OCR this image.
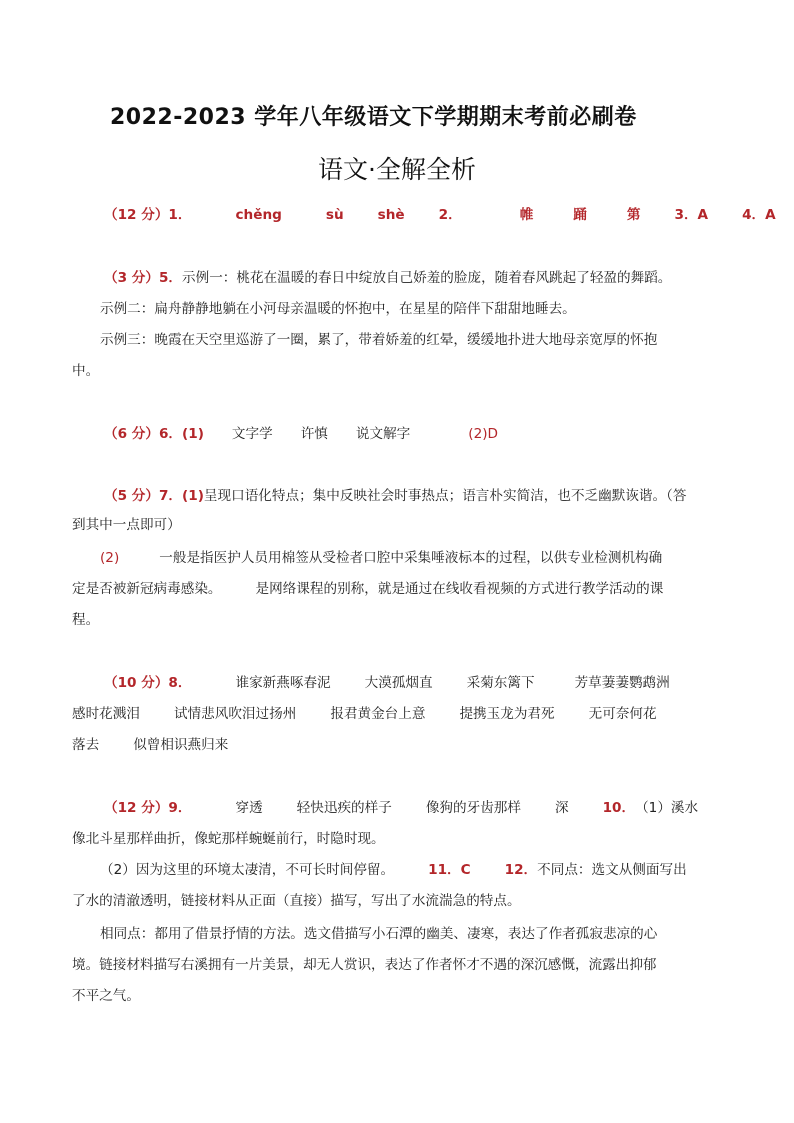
2022-2023 学年八年级语文下学期期末考前必刷卷
语文·全解全析
（12 分）1．	chěng	sù	shè	2．	帷	踊	第	3．A	4．A
（3 分）5．示例一：桃花在温暖的春日中绽放自己娇羞的脸庞，随着春风跳起了轻盈的舞蹈。
示例二：扁舟静静地躺在小河母亲温暖的怀抱中，在星星的陪伴下甜甜地睡去。
示例三：晚霞在天空里巡游了一圈，累了，带着娇羞的红晕，缓缓地扑进大地母亲宽厚的怀抱
中。
（6 分）6．(1) 文字学 许慎 说文解字	(2)D
（5 分）7．(1)呈现口语化特点；集中反映社会时事热点；语言朴实简洁，也不乏幽默诙谐。（答
到其中一点即可）
(2)	一般是指医护人员用棉签从受检者口腔中采集唾液标本的过程，以供专业检测机构确
定是否被新冠病毒感染。	是网络课程的别称，就是通过在线收看视频的方式进行教学活动的课
程。
（10 分）8．	谁家新燕啄春泥	大漠孤烟直	采菊东篱下	芳草萋萋鹦鹉洲
感时花溅泪	试情悲风吹泪过扬州	报君黄金台上意	提携玉龙为君死	无可奈何花
落去	似曾相识燕归来
（12 分）9．	穿透	轻快迅疾的样子	像狗的牙齿那样	深	10．（1）溪水
像北斗星那样曲折，像蛇那样蜿蜒前行，时隐时现。
（2）因为这里的环境太凄清，不可长时间停留。	11．C	12．不同点：选文从侧面写出
了水的清澈透明，链接材料从正面（直接）描写，写出了水流湍急的特点。
相同点：都用了借景抒情的方法。选文借描写小石潭的幽美、凄寒，表达了作者孤寂悲凉的心
境。链接材料描写右溪拥有一片美景，却无人赏识，表达了作者怀才不遇的深沉感慨，流露出抑郁
不平之气。
